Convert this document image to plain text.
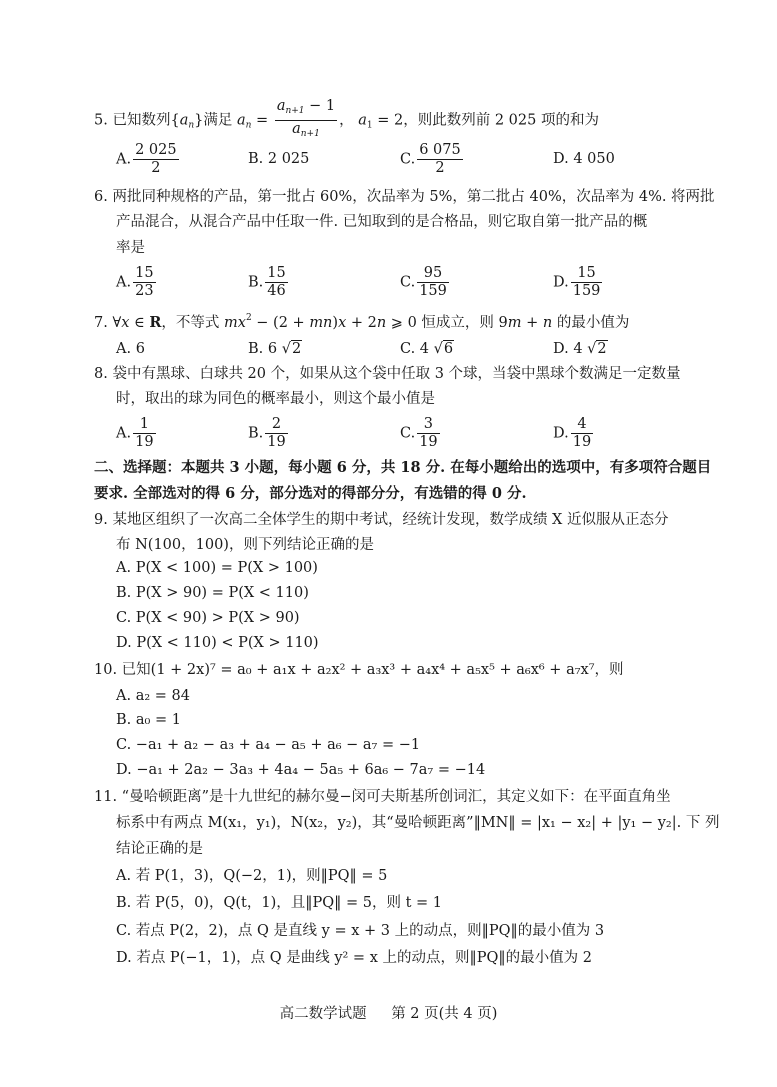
5. 已知数列$\{a_n\}$满足 $a_n = \frac{a_{n+1} - 1}{a_{n+1}}$ ， $a_1 = 2$，则此数列前 2 025 项的和为
A. $\frac{2 025}{2}$	B. 2 025	C. $\frac{6 075}{2}$	D. 4 050
6. 两批同种规格的产品，第一批占 60%，次品率为 5%，第二批占 40%，次品率为 4%. 将两批
产品混合，从混合产品中任取一件. 已知取到的是合格品，则它取自第一批产品的概
率是
A. $\frac{15}{23}$	B. $\frac{15}{46}$	C. $\frac{95}{159}$	D. $\frac{15}{159}$
7. ∀x ∈ R，不等式 $mx^2 - (2 + mn)x + 2n$ ⩾ 0 恒成立，则 9m + n 的最小值为
A. 6	B. 6 √2	C. 4 √6	D. 4 √2
8. 袋中有黑球、白球共 20 个，如果从这个袋中任取 3 个球，当袋中黑球个数满足一定数量
时，取出的球为同色的概率最小，则这个最小值是
A. $\frac{1}{19}$	B. $\frac{2}{19}$	C. $\frac{3}{19}$	D. $\frac{4}{19}$
二、选择题：本题共 3 小题，每小题 6 分，共 18 分. 在每小题给出的选项中，有多项符合题目
要求. 全部选对的得 6 分，部分选对的得部分分，有选错的得 0 分.
9. 某地区组织了一次高二全体学生的期中考试，经统计发现，数学成绩 X 近似服从正态分
布 N(100，100)，则下列结论正确的是
A. P(X < 100) = P(X > 100)
B. P(X > 90) = P(X < 110)
C. P(X < 90) > P(X > 90)
D. P(X < 110) < P(X > 110)
10. 已知(1 + 2x)⁷ = a₀ + a₁x + a₂x² + a₃x³ + a₄x⁴ + a₅x⁵ + a₆x⁶ + a₇x⁷，则
A. a₂ = 84
B. a₀ = 1
C. −a₁ + a₂ − a₃ + a₄ − a₅ + a₆ − a₇ = −1
D. −a₁ + 2a₂ − 3a₃ + 4a₄ − 5a₅ + 6a₆ − 7a₇ = −14
11. “曼哈顿距离”是十九世纪的赫尔曼−闵可夫斯基所创词汇，其定义如下：在平面直角坐
标系中有两点 M(x₁，y₁)，N(x₂，y₂)，其“曼哈顿距离”‖MN‖ = |x₁ − x₂| + |y₁ − y₂|. 下 列
结论正确的是
A. 若 P(1，3)，Q(−2，1)，则‖PQ‖ = 5
B. 若 P(5，0)，Q(t，1)，且‖PQ‖ = 5，则 t = 1
C. 若点 P(2，2)，点 Q 是直线 y = x + 3 上的动点，则‖PQ‖的最小值为 3
D. 若点 P(−1，1)，点 Q 是曲线 y² = x 上的动点，则‖PQ‖的最小值为 2
高二数学试题 第 2 页(共 4 页)
